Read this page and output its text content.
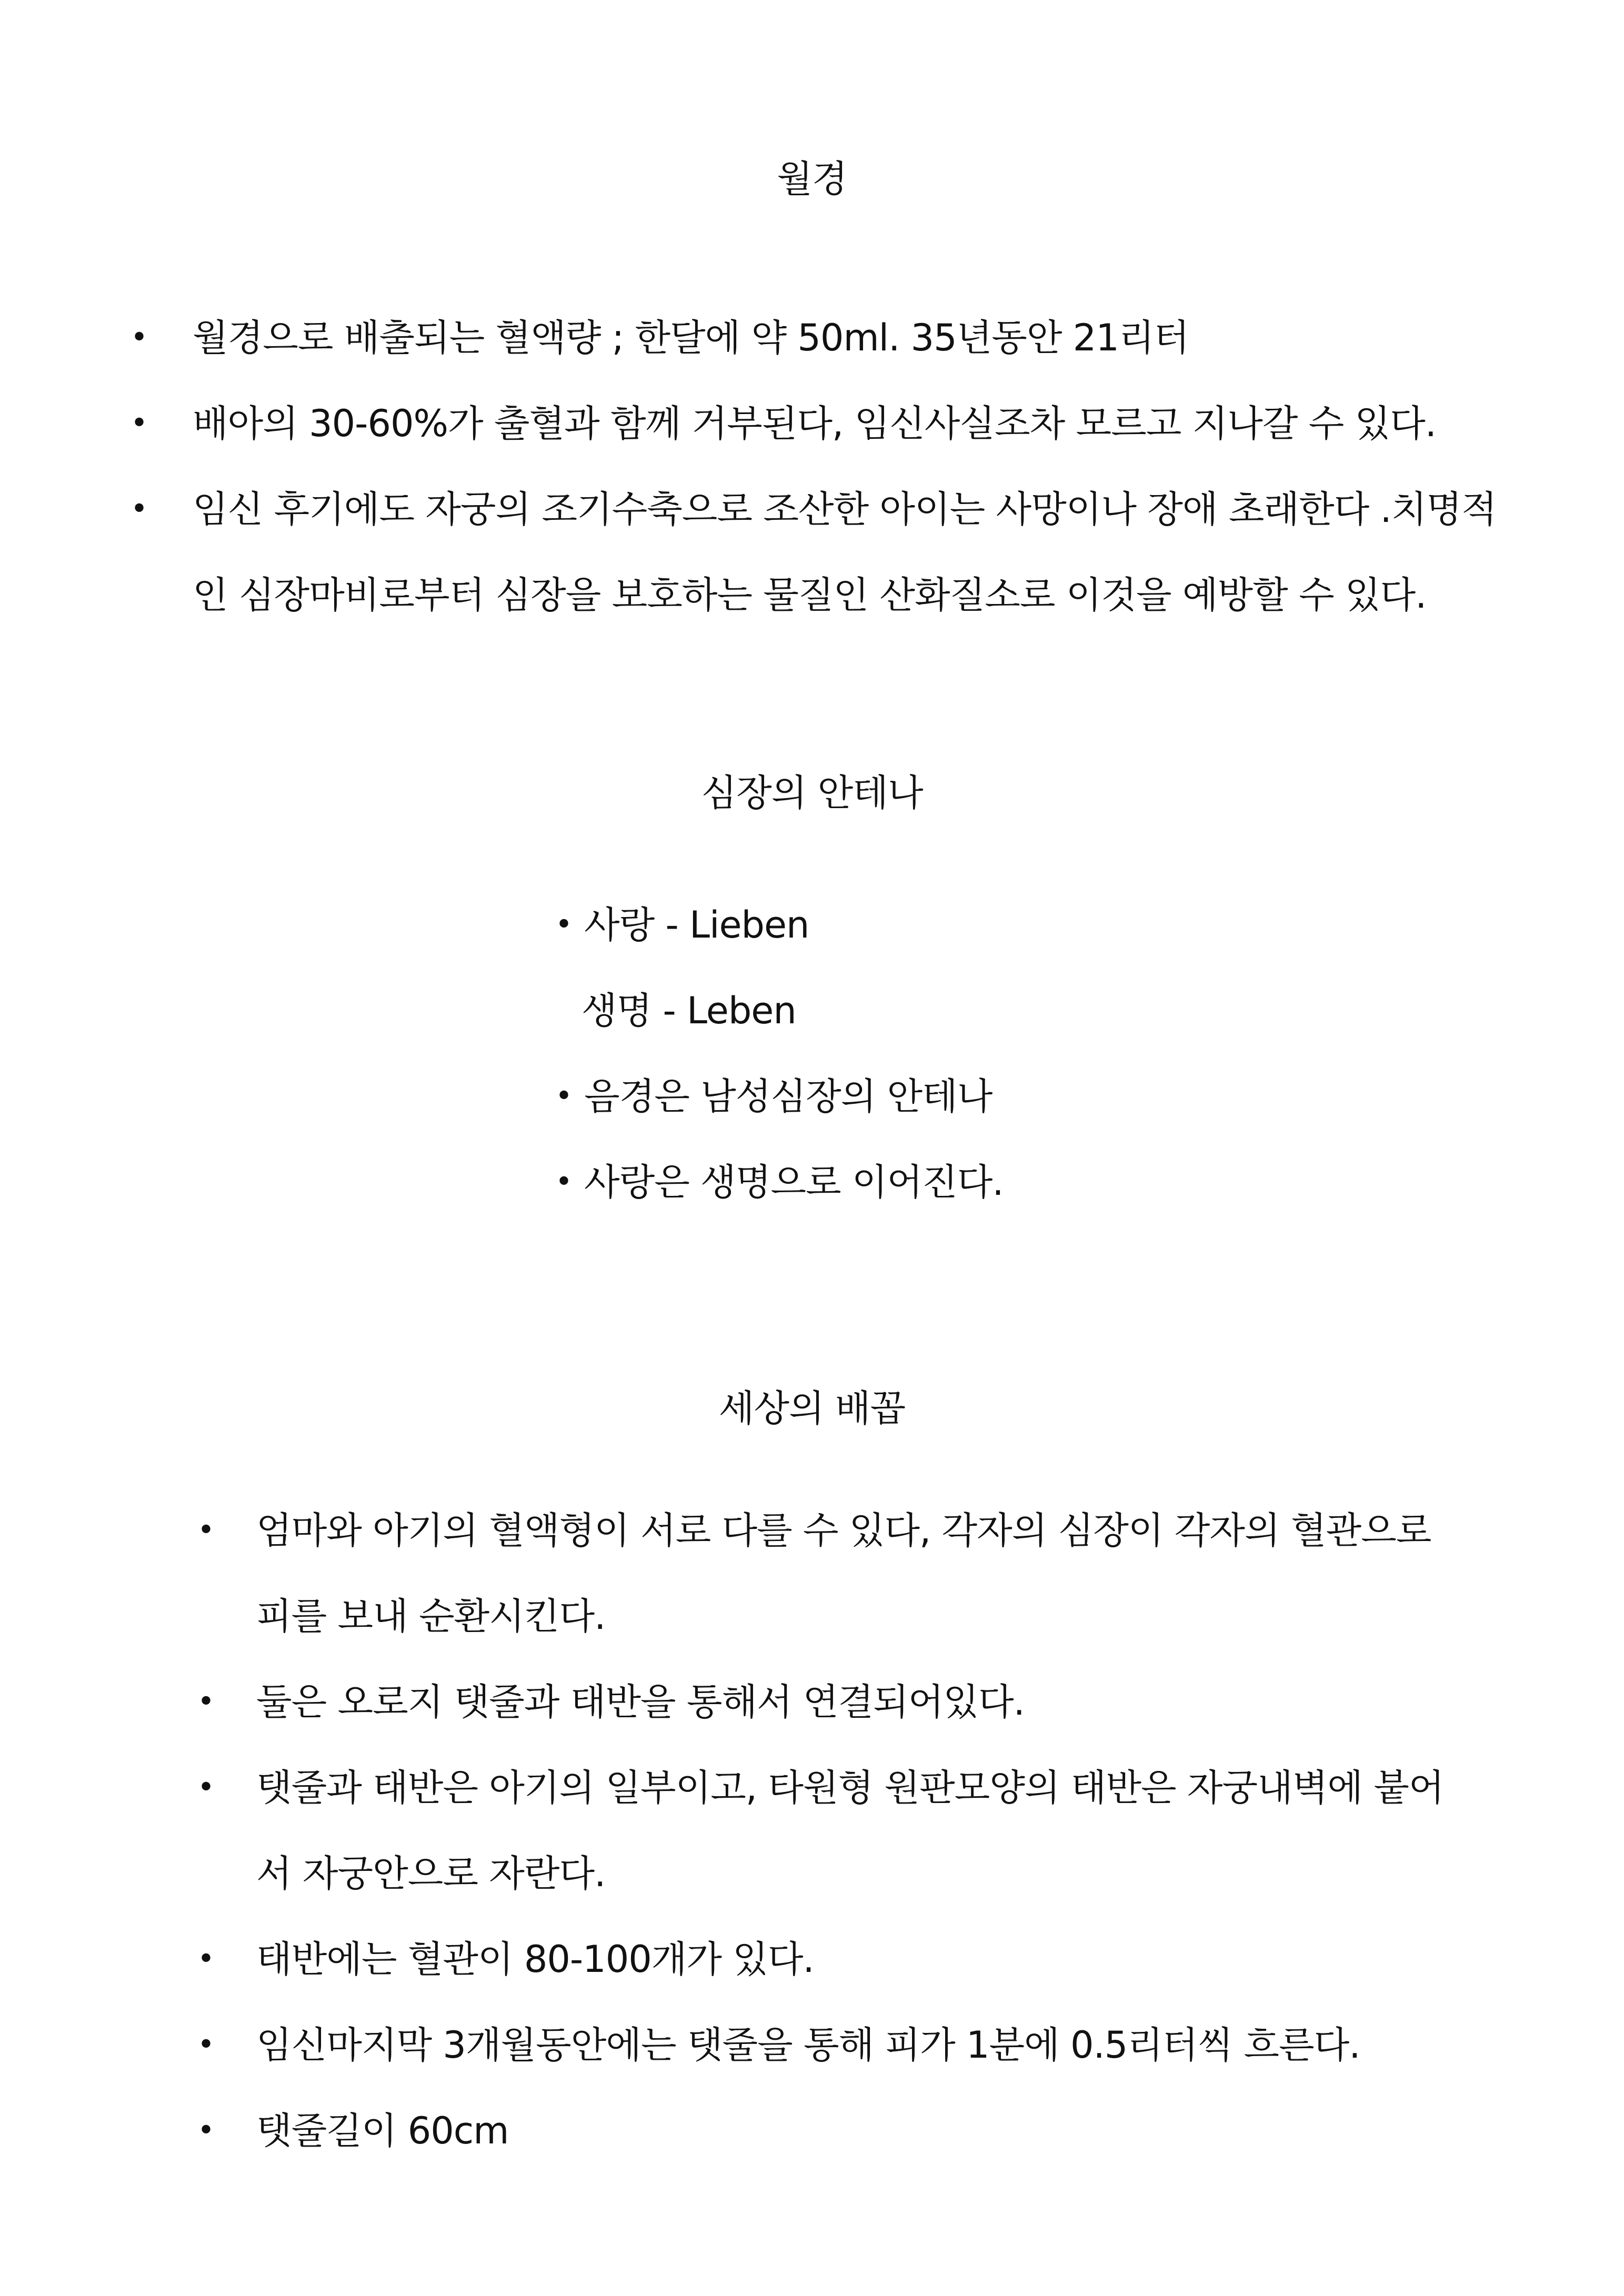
월경
• 월경으로 배출되는 혈액량 ; 한달에 약 50ml. 35년동안 21리터
• 배아의 30-60%가 출혈과 함께 거부된다, 임신사실조차 모르고 지나갈 수 있다.
• 임신 후기에도 자궁의 조기수축으로 조산한 아이는 사망이나 장애 초래한다 .치명적
인 심장마비로부터 심장을 보호하는 물질인 산화질소로 이것을 예방할 수 있다.
심장의 안테나
• 사랑 - Lieben
생명 - Leben
• 음경은 남성심장의 안테나
• 사랑은 생명으로 이어진다.
세상의 배꼽
• 엄마와 아기의 혈액형이 서로 다를 수 있다, 각자의 심장이 각자의 혈관으로
피를 보내 순환시킨다.
• 둘은 오로지 탯줄과 태반을 통해서 연결되어있다.
• 탯줄과 태반은 아기의 일부이고, 타원형 원판모양의 태반은 자궁내벽에 붙어
서 자궁안으로 자란다.
• 태반에는 혈관이 80-100개가 있다.
• 임신마지막 3개월동안에는 탯줄을 통해 피가 1분에 0.5리터씩 흐른다.
• 탯줄길이 60cm
